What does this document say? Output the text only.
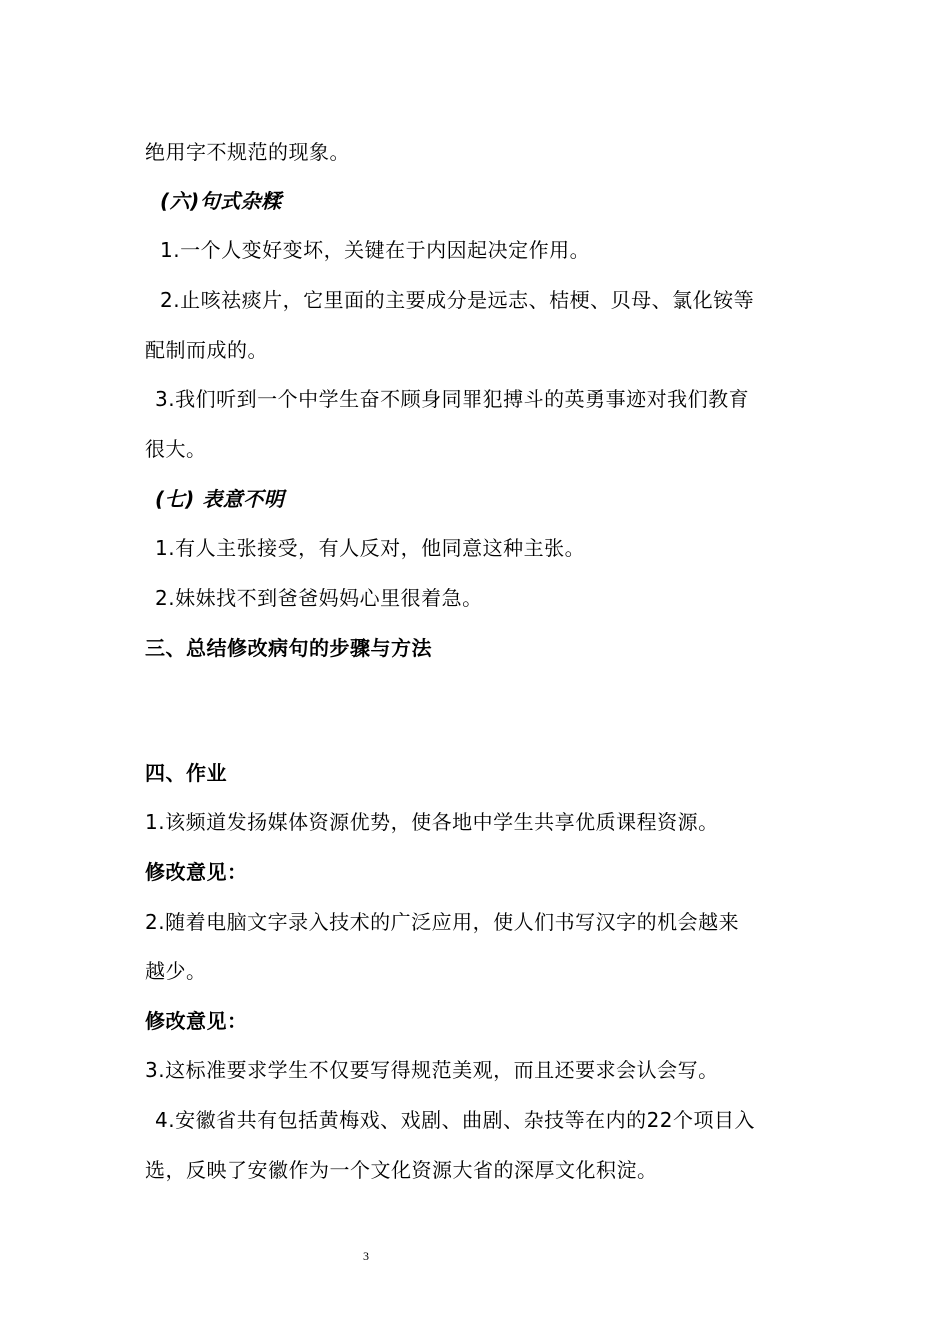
绝用字不规范的现象。
(六)句式杂糅
1.一个人变好变坏，关键在于内因起决定作用。
2.止咳祛痰片，它里面的主要成分是远志、桔梗、贝母、氯化铵等
配制而成的。
3.我们听到一个中学生奋不顾身同罪犯搏斗的英勇事迹对我们教育
很大。
(七) 表意不明
1.有人主张接受，有人反对，他同意这种主张。
2.妹妹找不到爸爸妈妈心里很着急。
三、总结修改病句的步骤与方法
四、作业
1.该频道发扬媒体资源优势，使各地中学生共享优质课程资源。
修改意见：
2.随着电脑文字录入技术的广泛应用，使人们书写汉字的机会越来
越少。
修改意见：
3.这标准要求学生不仅要写得规范美观，而且还要求会认会写。
4.安徽省共有包括黄梅戏、戏剧、曲剧、杂技等在内的22个项目入
选，反映了安徽作为一个文化资源大省的深厚文化积淀。
3
